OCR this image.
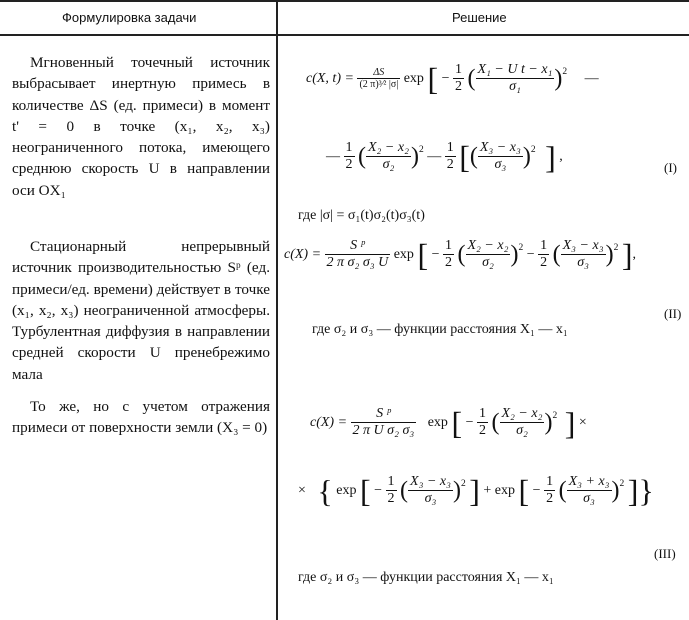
Формулировка задачи	Решение

Мгновенный точечный источник выбрасывает инертную примесь в количестве ΔS (ед. примеси) в момент t' = 0 в точке (x₁, x₂, x₃) неограниченного потока, имеющего среднюю скорость U в направлении оси OX₁

Стационарный непрерывный источник производительностью Sᵖ (ед. примеси/ед. времени) действует в точке (x₁, x₂, x₃) неограниченной атмосферы. Турбулентная диффузия в направлении средней скорости U пренебрежимо мала

То же, но с учетом отражения примеси от поверхности земли (X₃ = 0)

c(X, $t) = \frac{\Delta S}{\text{(2 π)³⁄² |σ|}}$ exp [ − $\frac{1}{2}$ ( $\frac{\text{X₁ − U t − x₁}}{\text{σ₁}} )^2$ —
— $\frac{1}{2}$ ( $\frac{\text{X₂ − x₂}}{\text{σ₂}} )^2$ — $\frac{1}{2}$ [( $\frac{\text{X₃ − x₃}}{\text{σ₃}} )^2$ ] ,
(I)
где |σ| = σ₁(t)σ₂(t)σ₃(t)
$c(X) = \frac{\text{S ᵖ}}{\text{2 π σ₂ σ₃ U}}$ exp [ − $\frac{1}{2}$ ( $\frac{\text{X₂ − x₂}}{\text{σ₂}} )^2 - \frac{1}{2}$ ( $\frac{\text{X₃ − x₃}}{\text{σ₃}} )^2$ ],
(II)
где σ₂ и σ₃ — функции расстояния X₁ — x₁
$c(X) = \frac{\text{S ᵖ}}{\text{2 π U σ₂ σ₃}}$ exp [ − $\frac{1}{2}$ ( $\frac{\text{X₂ − x₂}}{\text{σ₂}} )^2$ ] ×
× { exp [ − $\frac{1}{2}$ ( $\frac{\text{X₃ − x₃}}{\text{σ₃}} )^2$ ] + exp [ − $\frac{1}{2}$ ( $\frac{\text{X₃ + x₃}}{\text{σ₃}} )^2$ ]}
(III)
где σ₂ и σ₃ — функции расстояния X₁ — x₁
